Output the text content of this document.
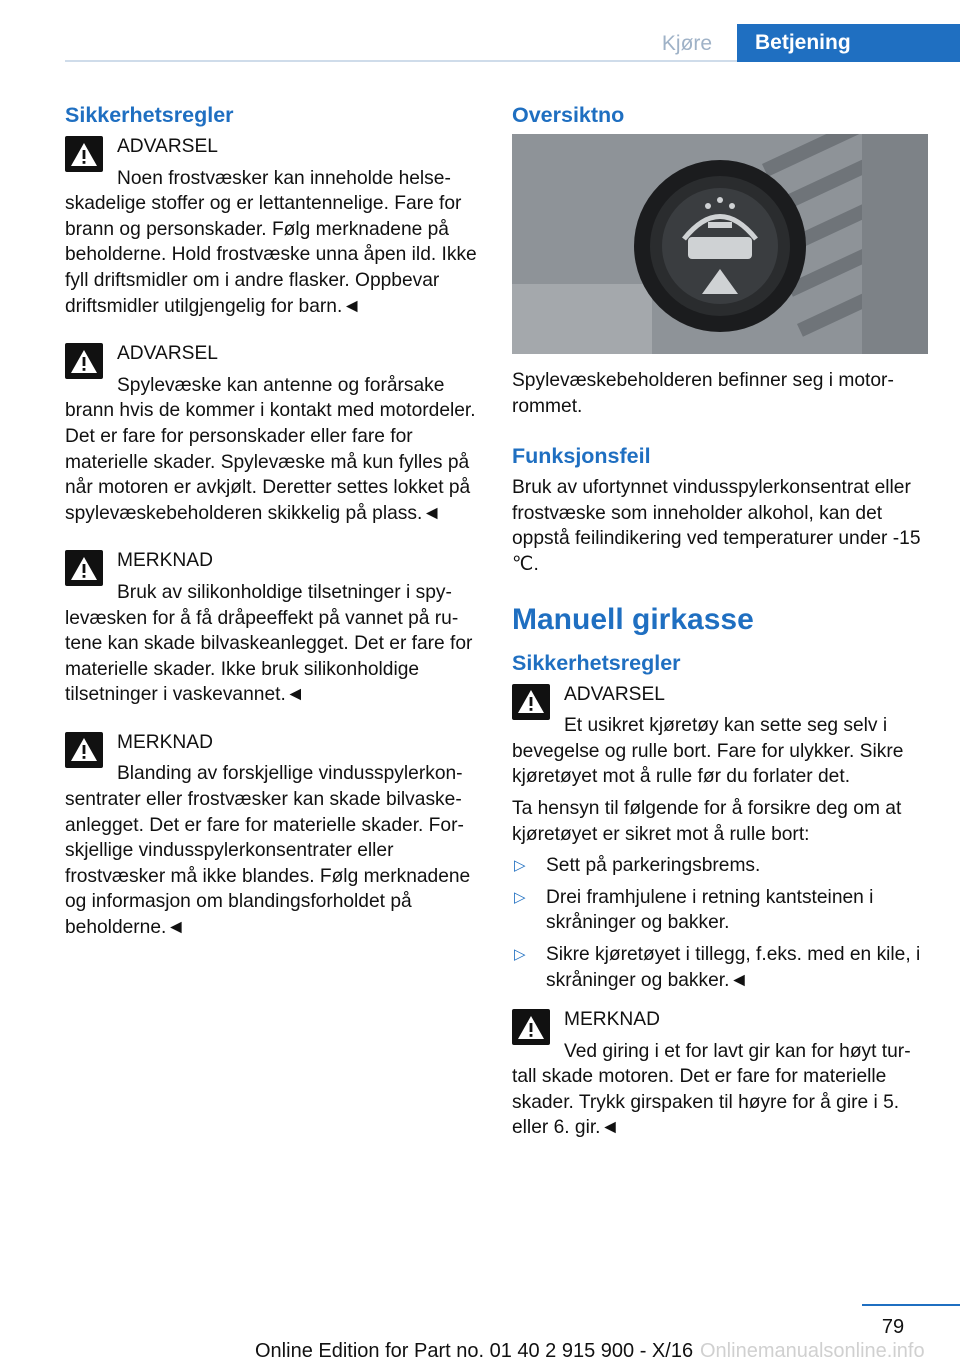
Kjøre	Betjening
Sikkerhetsregler
ADVARSEL
Noen frostvæsker kan inneholde helseskadelige stoffer og er lettantennelige. Fare for brann og personskader. Følg merknadene på beholderne. Hold frostvæske unna åpen ild. Ikke fyll driftsmidler om i andre flasker. Oppbevar driftsmidler utilgjengelig for barn.◄
ADVARSEL
Spylevæske kan antenne og forårsake brann hvis de kommer i kontakt med motordeler. Det er fare for personskader eller fare for materielle skader. Spylevæske må kun fylles på når motoren er avkjølt. Deretter settes lokket på spylevæskebeholderen skikkelig på plass.◄
MERKNAD
Bruk av silikonholdige tilsetninger i spylevæsken for å få dråpeeffekt på vannet på rutene kan skade bilvaskeanlegget. Det er fare for materielle skader. Ikke bruk silikonholdige tilsetninger i vaskevannet.◄
MERKNAD
Blanding av forskjellige vindusspylerkonsentrater eller frostvæsker kan skade bilvaskeanlegget. Det er fare for materielle skader. Forskjellige vindusspylerkonsentrater eller frostvæsker må ikke blandes. Følg merknadene og informasjon om blandingsforholdet på beholderne.◄
Oversiktno

Spylevæskebeholderen befinner seg i motorrommet.

Funksjonsfeil

Bruk av ufortynnet vindusspylerkonsentrat eller frostvæske som inneholder alkohol, kan det oppstå feilindikering ved temperaturer under -15 ℃.

Manuell girkasse
Sikkerhetsregler
ADVARSEL
Et usikret kjøretøy kan sette seg selv i bevegelse og rulle bort. Fare for ulykker. Sikre kjøretøyet mot å rulle før du forlater det.

Ta hensyn til følgende for å forsikre deg om at kjøretøyet er sikret mot å rulle bort:

▷ Sett på parkeringsbrems.
▷ Drei framhjulene i retning kantsteinen i skråninger og bakker.
▷ Sikre kjøretøyet i tillegg, f.eks. med en kile, i skråninger og bakker.◄
MERKNAD
Ved giring i et for lavt gir kan for høyt turtall skade motoren. Det er fare for materielle skader. Trykk girspaken til høyre for å gire i 5. eller 6. gir.◄
79
Online Edition for Part no. 01 40 2 915 900 - X/16 Onlinemanualsonline.info
